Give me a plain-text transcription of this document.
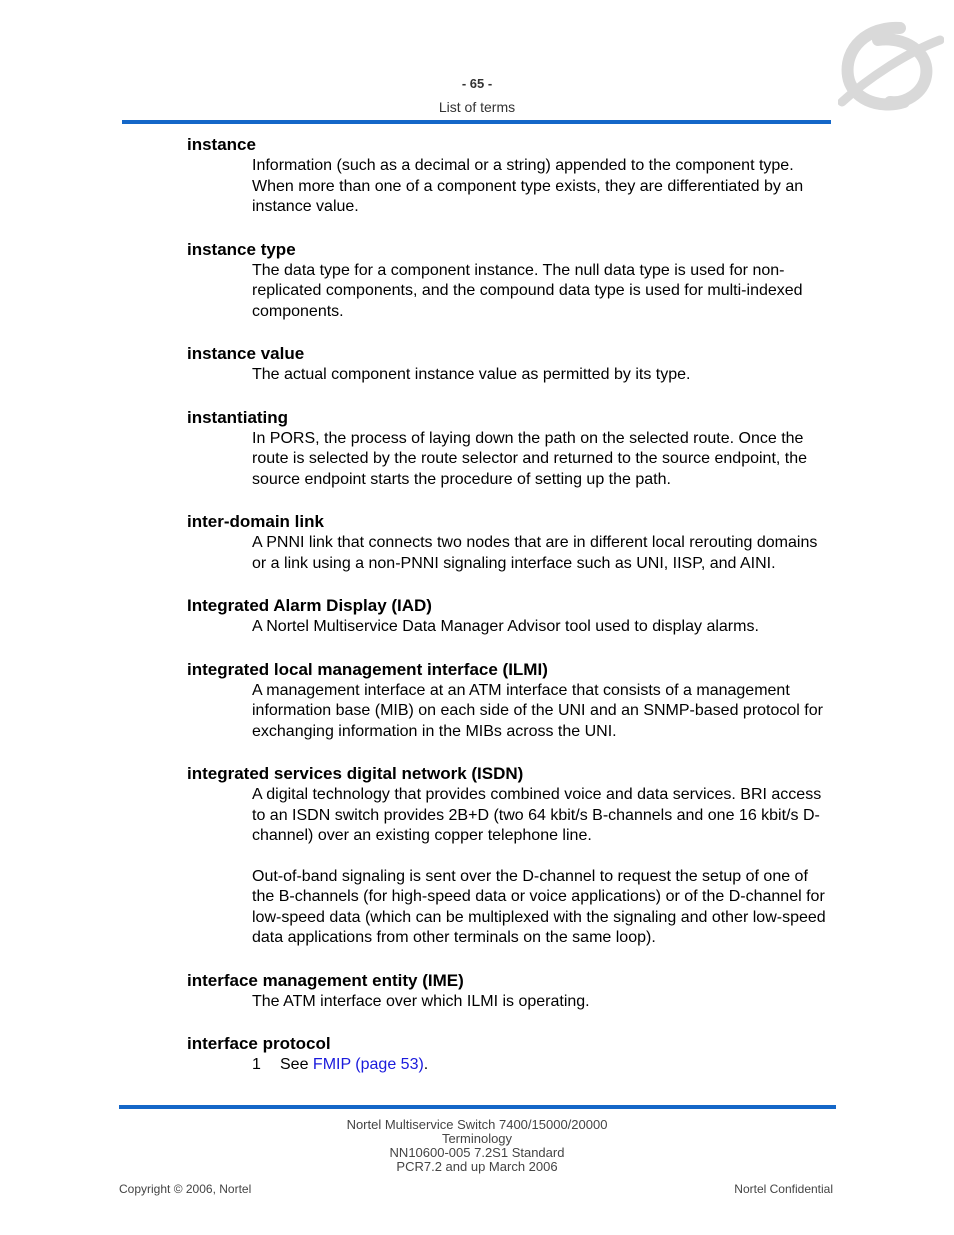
- 65 -
List of terms
instance

Information (such as a decimal or a string) appended to the component type. When more than one of a component type exists, they are differentiated by an instance value.

instance type

The data type for a component instance. The null data type is used for non-replicated components, and the compound data type is used for multi-indexed components.

instance value

The actual component instance value as permitted by its type.

instantiating

In PORS, the process of laying down the path on the selected route. Once the route is selected by the route selector and returned to the source endpoint, the source endpoint starts the procedure of setting up the path.

inter-domain link

A PNNI link that connects two nodes that are in different local rerouting domains or a link using a non-PNNI signaling interface such as UNI, IISP, and AINI.

Integrated Alarm Display (IAD)

A Nortel Multiservice Data Manager Advisor tool used to display alarms.

integrated local management interface (ILMI)

A management interface at an ATM interface that consists of a management information base (MIB) on each side of the UNI and an SNMP-based protocol for exchanging information in the MIBs across the UNI.

integrated services digital network (ISDN)

A digital technology that provides combined voice and data services. BRI access to an ISDN switch provides 2B+D (two 64 kbit/s B-channels and one 16 kbit/s D-channel) over an existing copper telephone line.

Out-of-band signaling is sent over the D-channel to request the setup of one of the B-channels (for high-speed data or voice applications) or of the D-channel for low-speed data (which can be multiplexed with the signaling and other low-speed data applications from other terminals on the same loop).

interface management entity (IME)

The ATM interface over which ILMI is operating.

interface protocol
1	See FMIP (page 53).
Nortel Multiservice Switch 7400/15000/20000
Terminology
NN10600-005 7.2S1 Standard
PCR7.2 and up March 2006
Copyright © 2006, Nortel	Nortel Confidential
